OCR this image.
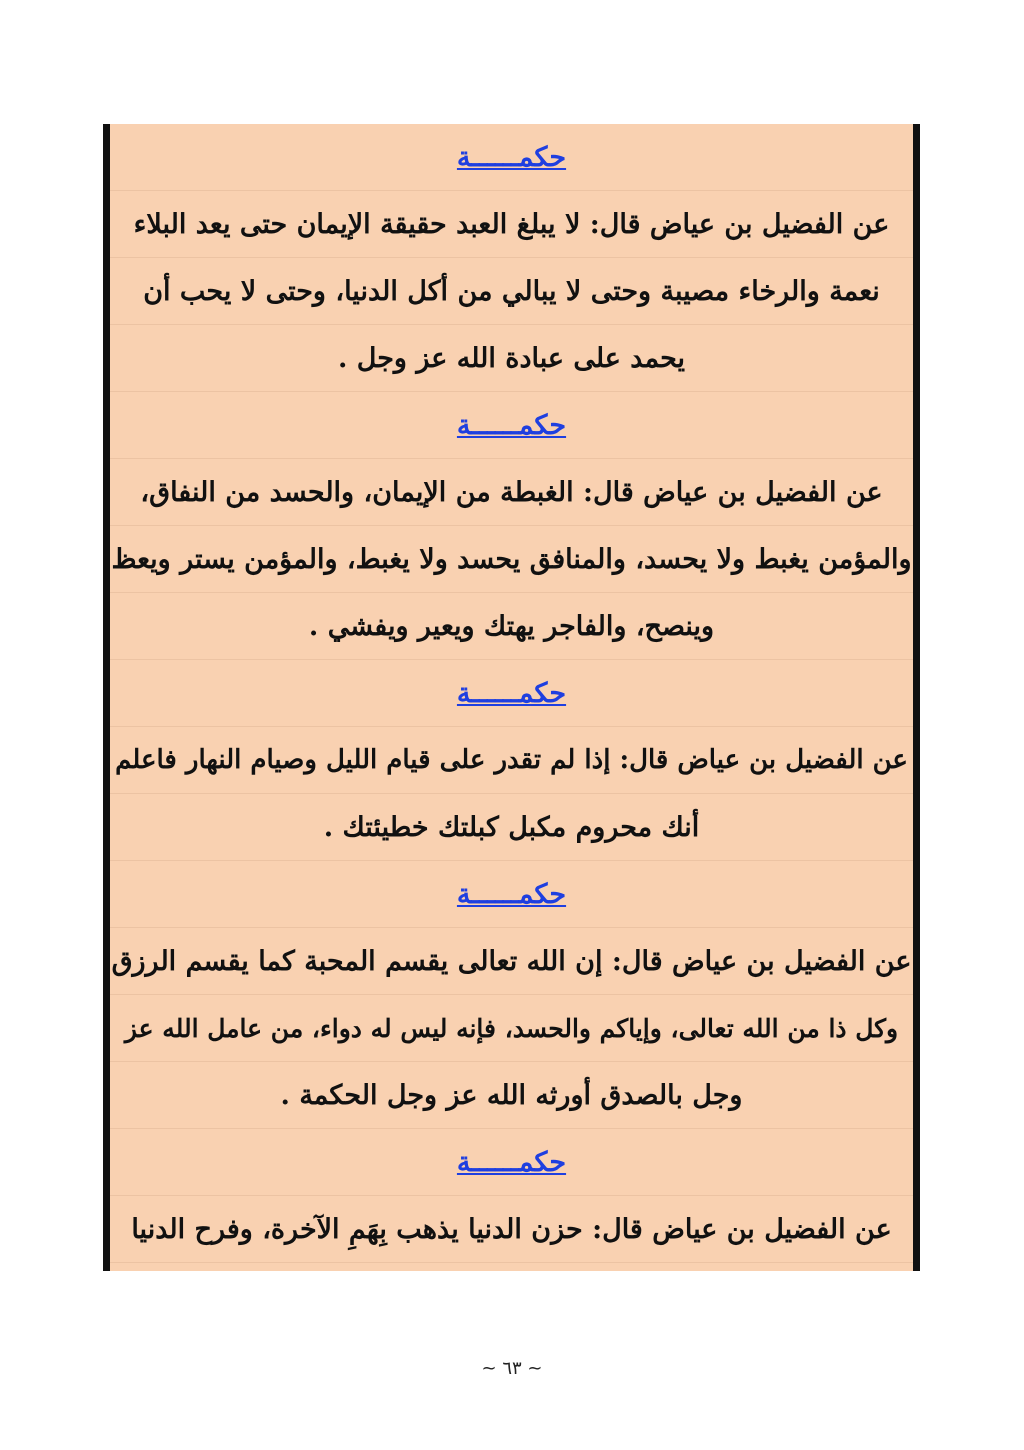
حكمــــــة
عن الفضيل بن عياض قال: لا يبلغ العبد حقيقة الإيمان حتى يعد البلاء
نعمة والرخاء مصيبة وحتى لا يبالي من أكل الدنيا، وحتى لا يحب أن
يحمد على عبادة الله عز وجل .
حكمــــــة
عن الفضيل بن عياض قال: الغبطة من الإيمان، والحسد من النفاق،
والمؤمن يغبط ولا يحسد، والمنافق يحسد ولا يغبط، والمؤمن يستر ويعظ
وينصح، والفاجر يهتك ويعير ويفشي .
حكمــــــة
عن الفضيل بن عياض قال: إذا لم تقدر على قيام الليل وصيام النهار فاعلم
أنك محروم مكبل كبلتك خطيئتك .
حكمــــــة
عن الفضيل بن عياض قال: إن الله تعالى يقسم المحبة كما يقسم الرزق
وكل ذا من الله تعالى، وإياكم والحسد، فإنه ليس له دواء، من عامل الله عز
وجل بالصدق أورثه الله عز وجل الحكمة .
حكمــــــة
عن الفضيل بن عياض قال: حزن الدنيا يذهب بِهَمِ الآخرة، وفرح الدنيا
~ ٦٣ ~
